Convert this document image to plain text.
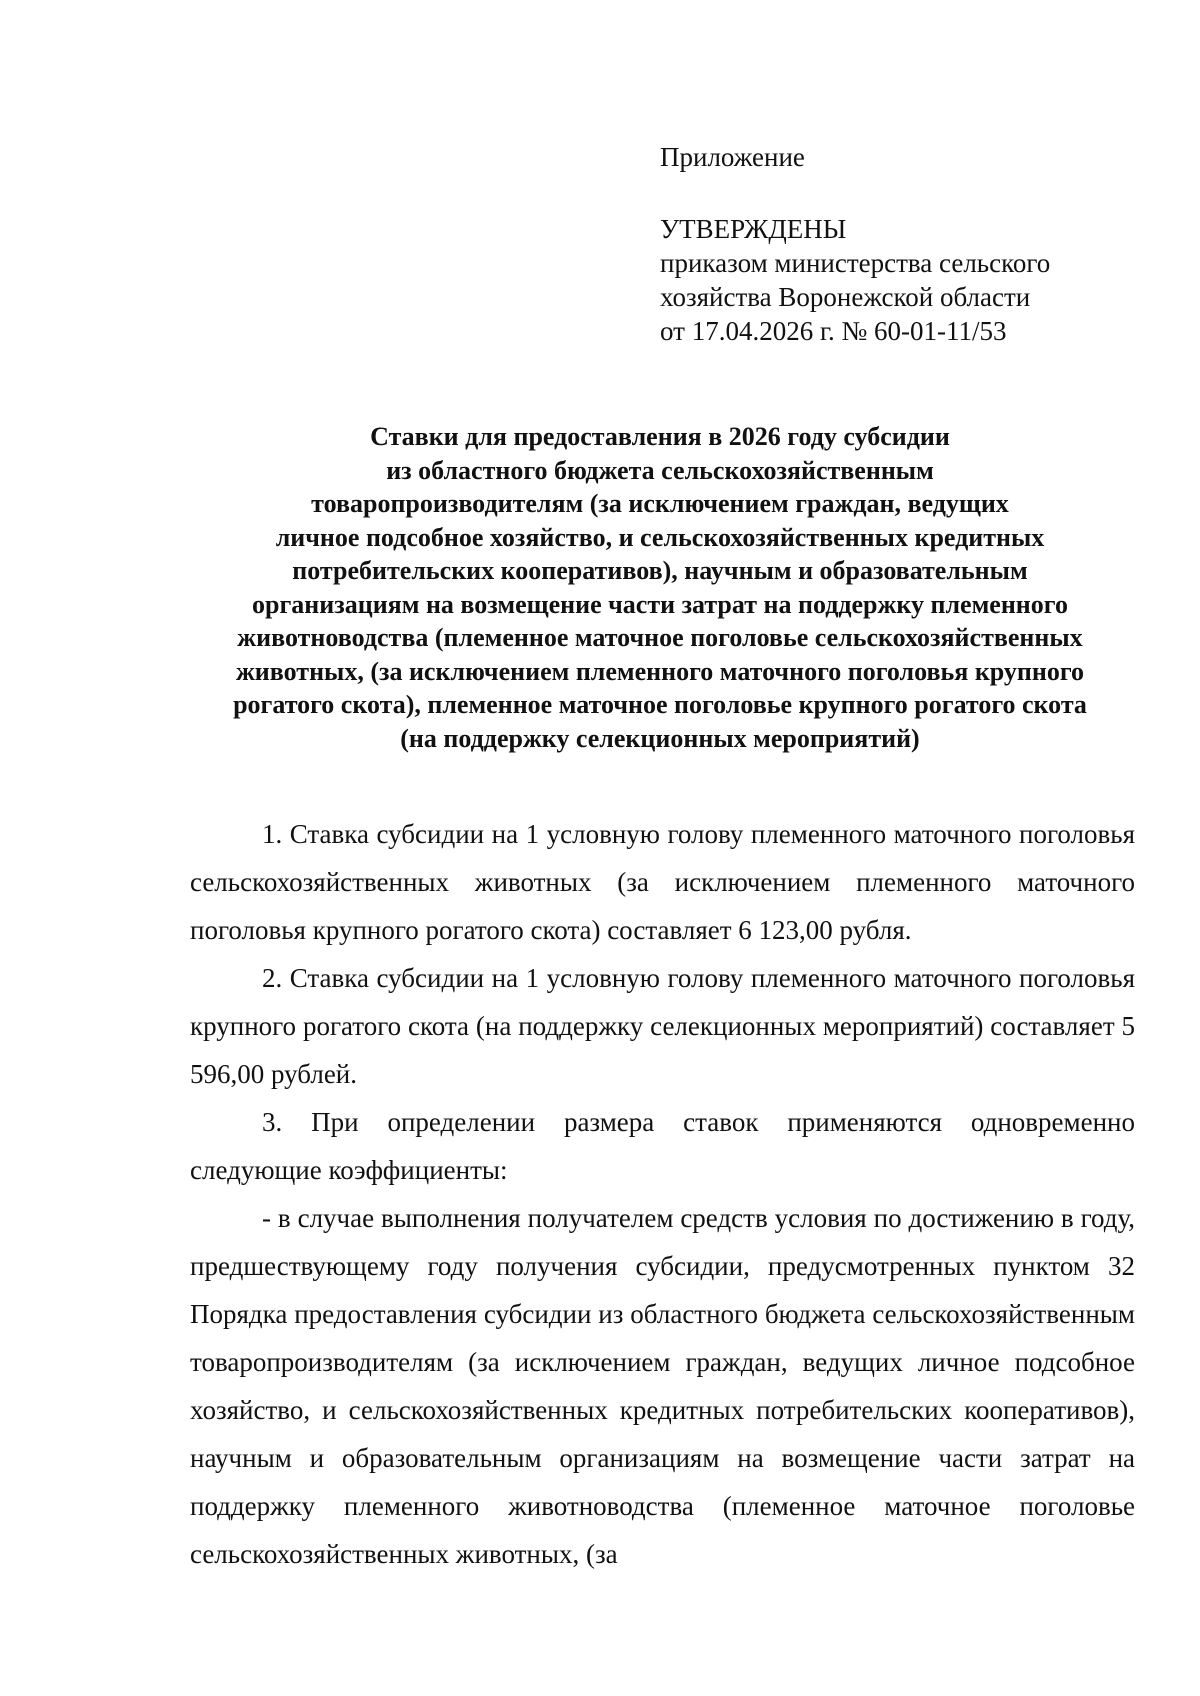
Приложение
УТВЕРЖДЕНЫ
приказом министерства сельского
хозяйства Воронежской области
от 17.04.2026 г. № 60-01-11/53
Ставки для предоставления в 2026 году субсидии
из областного бюджета сельскохозяйственным
товаропроизводителям (за исключением граждан, ведущих
личное подсобное хозяйство, и сельскохозяйственных кредитных
потребительских кооперативов), научным и образовательным
организациям на возмещение части затрат на поддержку племенного
животноводства (племенное маточное поголовье сельскохозяйственных
животных, (за исключением племенного маточного поголовья крупного
рогатого скота), племенное маточное поголовье крупного рогатого скота
(на поддержку селекционных мероприятий)

1. Ставка субсидии на 1 условную голову племенного маточного поголовья сельскохозяйственных животных (за исключением племенного маточного поголовья крупного рогатого скота) составляет 6 123,00 рубля.

2. Ставка субсидии на 1 условную голову племенного маточного поголовья крупного рогатого скота (на поддержку селекционных мероприятий) составляет 5 596,00 рублей.

3. При определении размера ставок применяются одновременно следующие коэффициенты:

- в случае выполнения получателем средств условия по достижению в году, предшествующему году получения субсидии, предусмотренных пунктом 32 Порядка предоставления субсидии из областного бюджета сельскохозяйственным товаропроизводителям (за исключением граждан, ведущих личное подсобное хозяйство, и сельскохозяйственных кредитных потребительских кооперативов), научным и образовательным организациям на возмещение части затрат на поддержку племенного животноводства (племенное маточное поголовье сельскохозяйственных животных, (за
